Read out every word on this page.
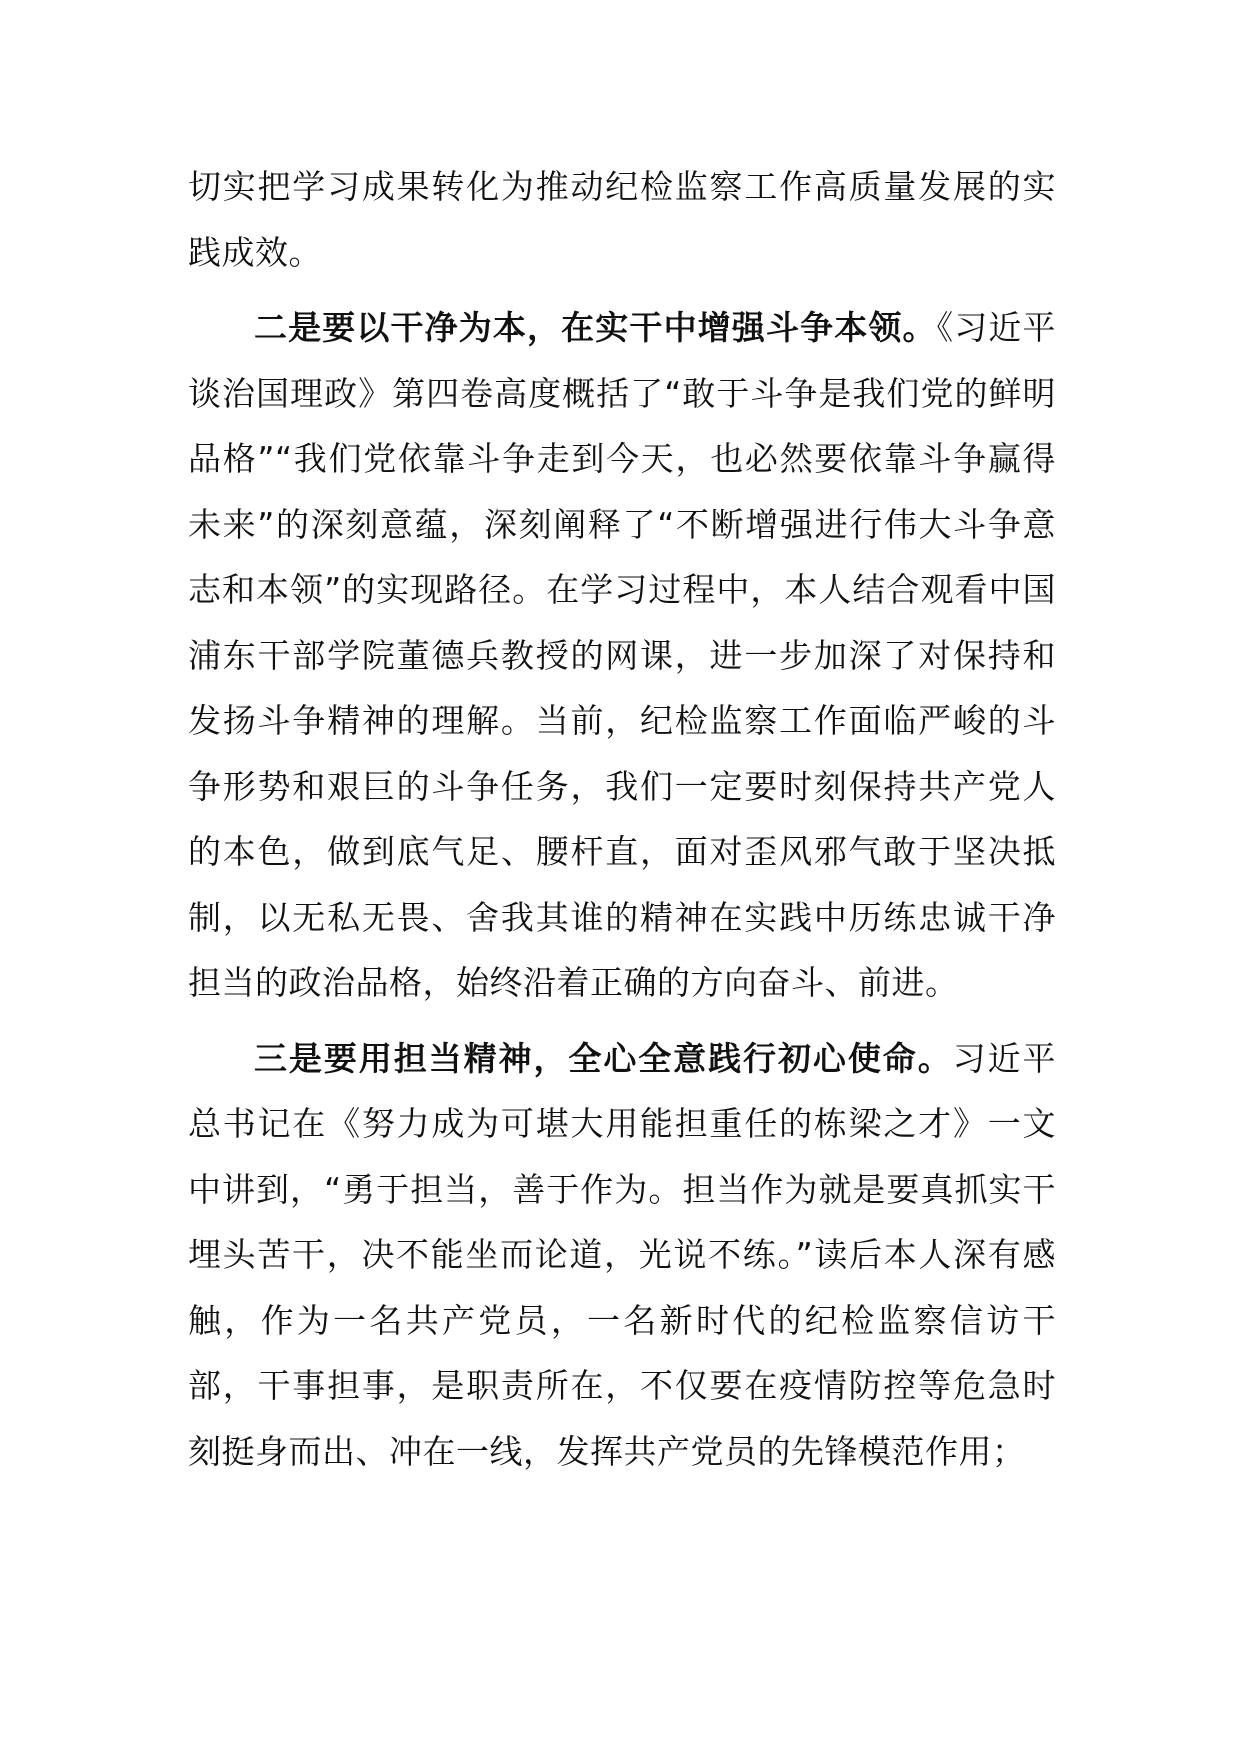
切实把学习成果转化为推动纪检监察工作高质量发展的实践成效。

二是要以干净为本，在实干中增强斗争本领。《习近平谈治国理政》第四卷高度概括了“敢于斗争是我们党的鲜明品格”“我们党依靠斗争走到今天，也必然要依靠斗争赢得未来”的深刻意蕴，深刻阐释了“不断增强进行伟大斗争意志和本领”的实现路径。在学习过程中，本人结合观看中国浦东干部学院董德兵教授的网课，进一步加深了对保持和发扬斗争精神的理解。当前，纪检监察工作面临严峻的斗争形势和艰巨的斗争任务，我们一定要时刻保持共产党人的本色，做到底气足、腰杆直，面对歪风邪气敢于坚决抵制，以无私无畏、舍我其谁的精神在实践中历练忠诚干净担当的政治品格，始终沿着正确的方向奋斗、前进。

三是要用担当精神，全心全意践行初心使命。习近平总书记在《努力成为可堪大用能担重任的栋梁之才》一文中讲到，“勇于担当，善于作为。担当作为就是要真抓实干埋头苦干，决不能坐而论道，光说不练。”读后本人深有感触，作为一名共产党员，一名新时代的纪检监察信访干部，干事担事，是职责所在，不仅要在疫情防控等危急时刻挺身而出、冲在一线，发挥共产党员的先锋模范作用；
